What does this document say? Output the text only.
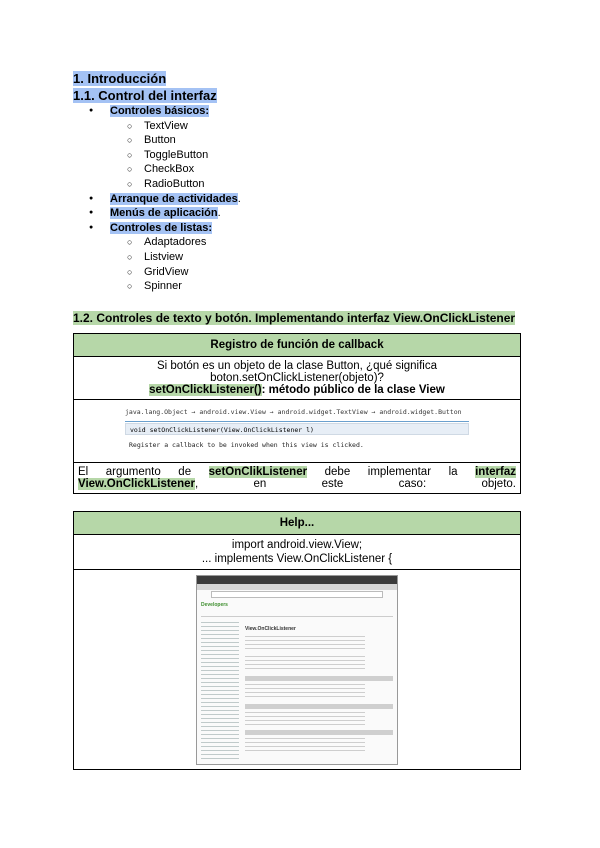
1. Introducción
1.1. Control del interfaz
● Controles básicos:
○ TextView
○ Button
○ ToggleButton
○ CheckBox
○ RadioButton
● Arranque de actividades.
● Menús de aplicación.
● Controles de listas:
○ Adaptadores
○ Listview
○ GridView
○ Spinner
1.2. Controles de texto y botón. Implementando interfaz View.OnClickListener
Registro de función de callback

Si botón es un objeto de la clase Button, ¿qué significa boton.setOnClickListener(objeto)?
setOnClickListener(): método público de la clase View

java.lang.Object → android.view.View → android.widget.TextView → android.widget.Button
void setOnClickListener(View.OnClickListener l)
Register a callback to be invoked when this view is clicked.

El argumento de setOnClikListener debe implementar la interfaz View.OnClickListener, en este caso: objeto.
Help...

import android.view.View;
... implements View.OnClickListener {

Developers
View.OnClickListener
